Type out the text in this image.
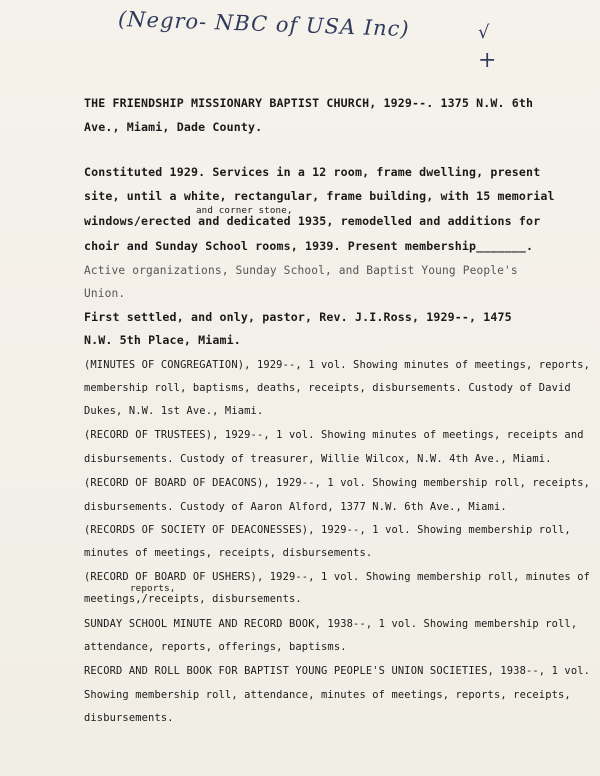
(Negro- NBC of USA Inc)	√
+
THE FRIENDSHIP MISSIONARY BAPTIST CHURCH, 1929--. 1375 N.W. 6th
Ave., Miami, Dade County.
Constituted 1929. Services in a 12 room, frame dwelling, present
site, until a white, rectangular, frame building, with 15 memorial
and corner stone,
windows/erected and dedicated 1935, remodelled and additions for
choir and Sunday School rooms, 1939. Present membership_______.
Active organizations, Sunday School, and Baptist Young People's
Union.
First settled, and only, pastor, Rev. J.I.Ross, 1929--, 1475
N.W. 5th Place, Miami.
(MINUTES OF CONGREGATION), 1929--, 1 vol. Showing minutes of meetings, reports,
membership roll, baptisms, deaths, receipts, disbursements. Custody of David
Dukes, N.W. 1st Ave., Miami.
(RECORD OF TRUSTEES), 1929--, 1 vol. Showing minutes of meetings, receipts and
disbursements. Custody of treasurer, Willie Wilcox, N.W. 4th Ave., Miami.
(RECORD OF BOARD OF DEACONS), 1929--, 1 vol. Showing membership roll, receipts,
disbursements. Custody of Aaron Alford, 1377 N.W. 6th Ave., Miami.
(RECORDS OF SOCIETY OF DEACONESSES), 1929--, 1 vol. Showing membership roll,
minutes of meetings, receipts, disbursements.
(RECORD OF BOARD OF USHERS), 1929--, 1 vol. Showing membership roll, minutes of
reports,
meetings,/receipts, disbursements.
SUNDAY SCHOOL MINUTE AND RECORD BOOK, 1938--, 1 vol. Showing membership roll,
attendance, reports, offerings, baptisms.
RECORD AND ROLL BOOK FOR BAPTIST YOUNG PEOPLE'S UNION SOCIETIES, 1938--, 1 vol.
Showing membership roll, attendance, minutes of meetings, reports, receipts,
disbursements.
